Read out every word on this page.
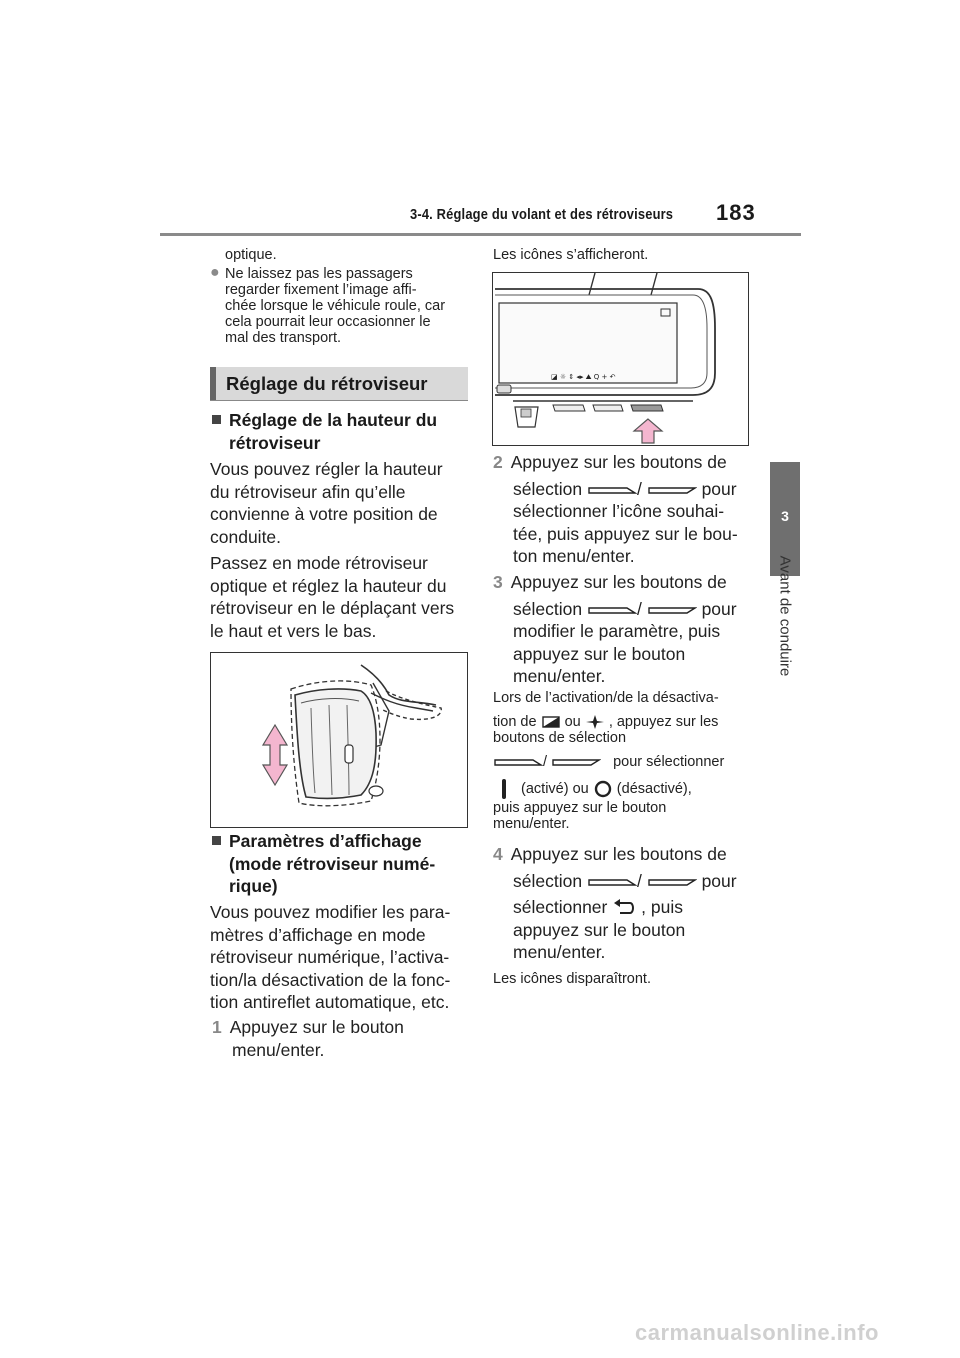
3-4. Réglage du volant et des rétroviseurs 183
3
Avant de conduire
optique.
● Ne laissez pas les passagers
regarder fixement l’image affi-
chée lorsque le véhicule roule, car
cela pourrait leur occasionner le
mal des transport.
Réglage du rétroviseur
Réglage de la hauteur du
rétroviseur
Vous pouvez régler la hauteur
du rétroviseur afin qu’elle
convienne à votre position de
conduite.
Passez en mode rétroviseur
optique et réglez la hauteur du
rétroviseur en le déplaçant vers
le haut et vers le bas.
Paramètres d’affichage
(mode rétroviseur numé-
rique)
Vous pouvez modifier les para-
mètres d’affichage en mode
rétroviseur numérique, l’activa-
tion/la désactivation de la fonc-
tion antireflet automatique, etc.
1 Appuyez sur le bouton
menu/enter.
Les icônes s’afficheront.
◪ ☼ ⇕ ◂▸ ⛰ Q + ↶
2 Appuyez sur les boutons de
sélection	/	pour
sélectionner l’icône souhai-
tée, puis appuyez sur le bou-
ton menu/enter.
3 Appuyez sur les boutons de
sélection	/	pour
modifier le paramètre, puis
appuyez sur le bouton
menu/enter.
Lors de l’activation/de la désactiva-
tion de ou , appuyez sur les
boutons de sélection
/	pour sélectionner
(activé) ou (désactivé),
puis appuyez sur le bouton
menu/enter.
4 Appuyez sur les boutons de
sélection	/	pour
sélectionner , puis
appuyez sur le bouton
menu/enter.
Les icônes disparaîtront.
carmanualsonline.info
